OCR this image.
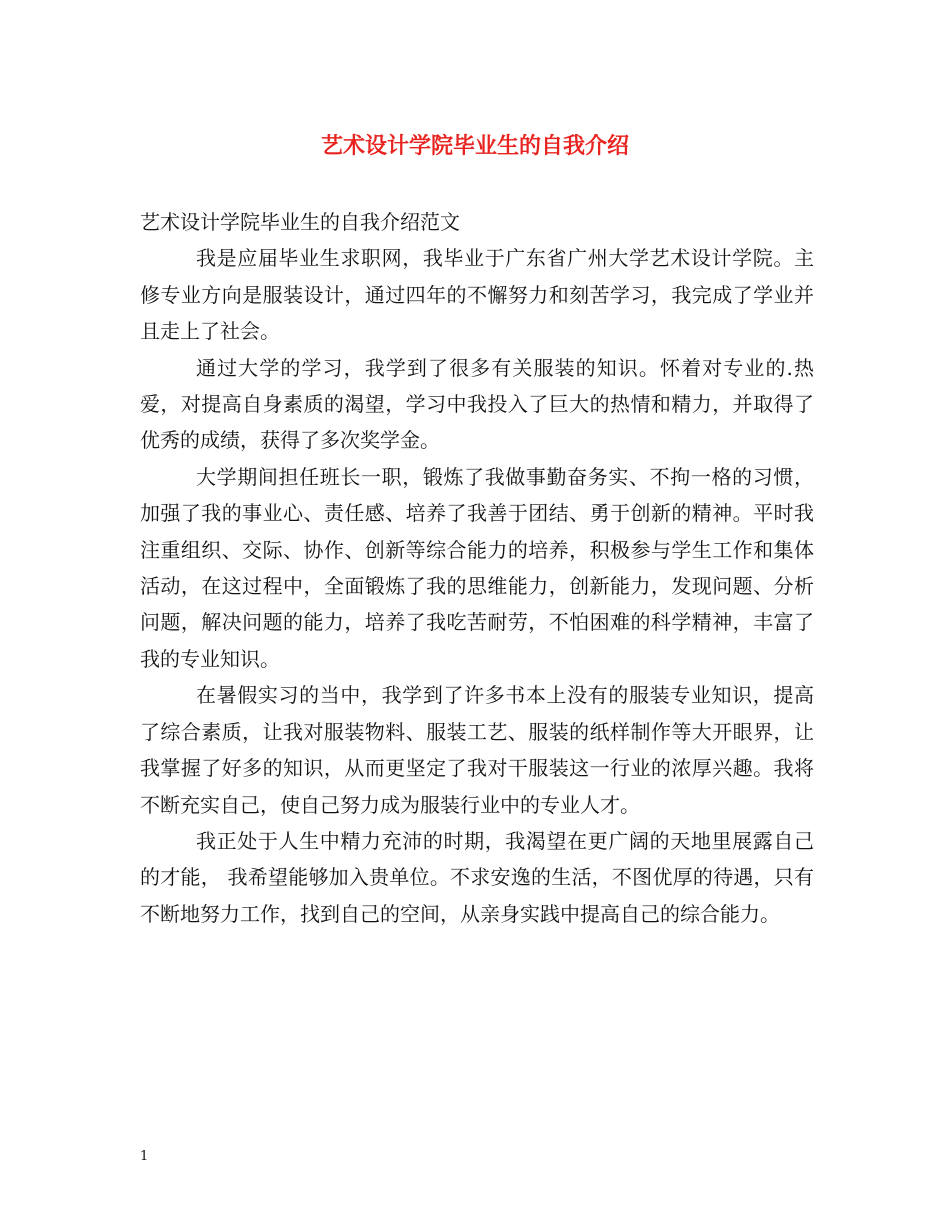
艺术设计学院毕业生的自我介绍

艺术设计学院毕业生的自我介绍范文

我是应届毕业生求职网，我毕业于广东省广州大学艺术设计学院。主修专业方向是服装设计，通过四年的不懈努力和刻苦学习，我完成了学业并且走上了社会。

通过大学的学习，我学到了很多有关服装的知识。怀着对专业的.热爱，对提高自身素质的渴望，学习中我投入了巨大的热情和精力，并取得了优秀的成绩，获得了多次奖学金。

大学期间担任班长一职，锻炼了我做事勤奋务实、不拘一格的习惯，加强了我的事业心、责任感、培养了我善于团结、勇于创新的精神。平时我注重组织、交际、协作、创新等综合能力的培养，积极参与学生工作和集体活动，在这过程中，全面锻炼了我的思维能力，创新能力，发现问题、分析问题，解决问题的能力，培养了我吃苦耐劳，不怕困难的科学精神，丰富了我的专业知识。

在暑假实习的当中，我学到了许多书本上没有的服装专业知识，提高了综合素质，让我对服装物料、服装工艺、服装的纸样制作等大开眼界，让我掌握了好多的知识，从而更坚定了我对干服装这一行业的浓厚兴趣。我将不断充实自己，使自己努力成为服装行业中的专业人才。

我正处于人生中精力充沛的时期，我渴望在更广阔的天地里展露自己的才能， 我希望能够加入贵单位。不求安逸的生活，不图优厚的待遇，只有不断地努力工作，找到自己的空间，从亲身实践中提高自己的综合能力。

1
